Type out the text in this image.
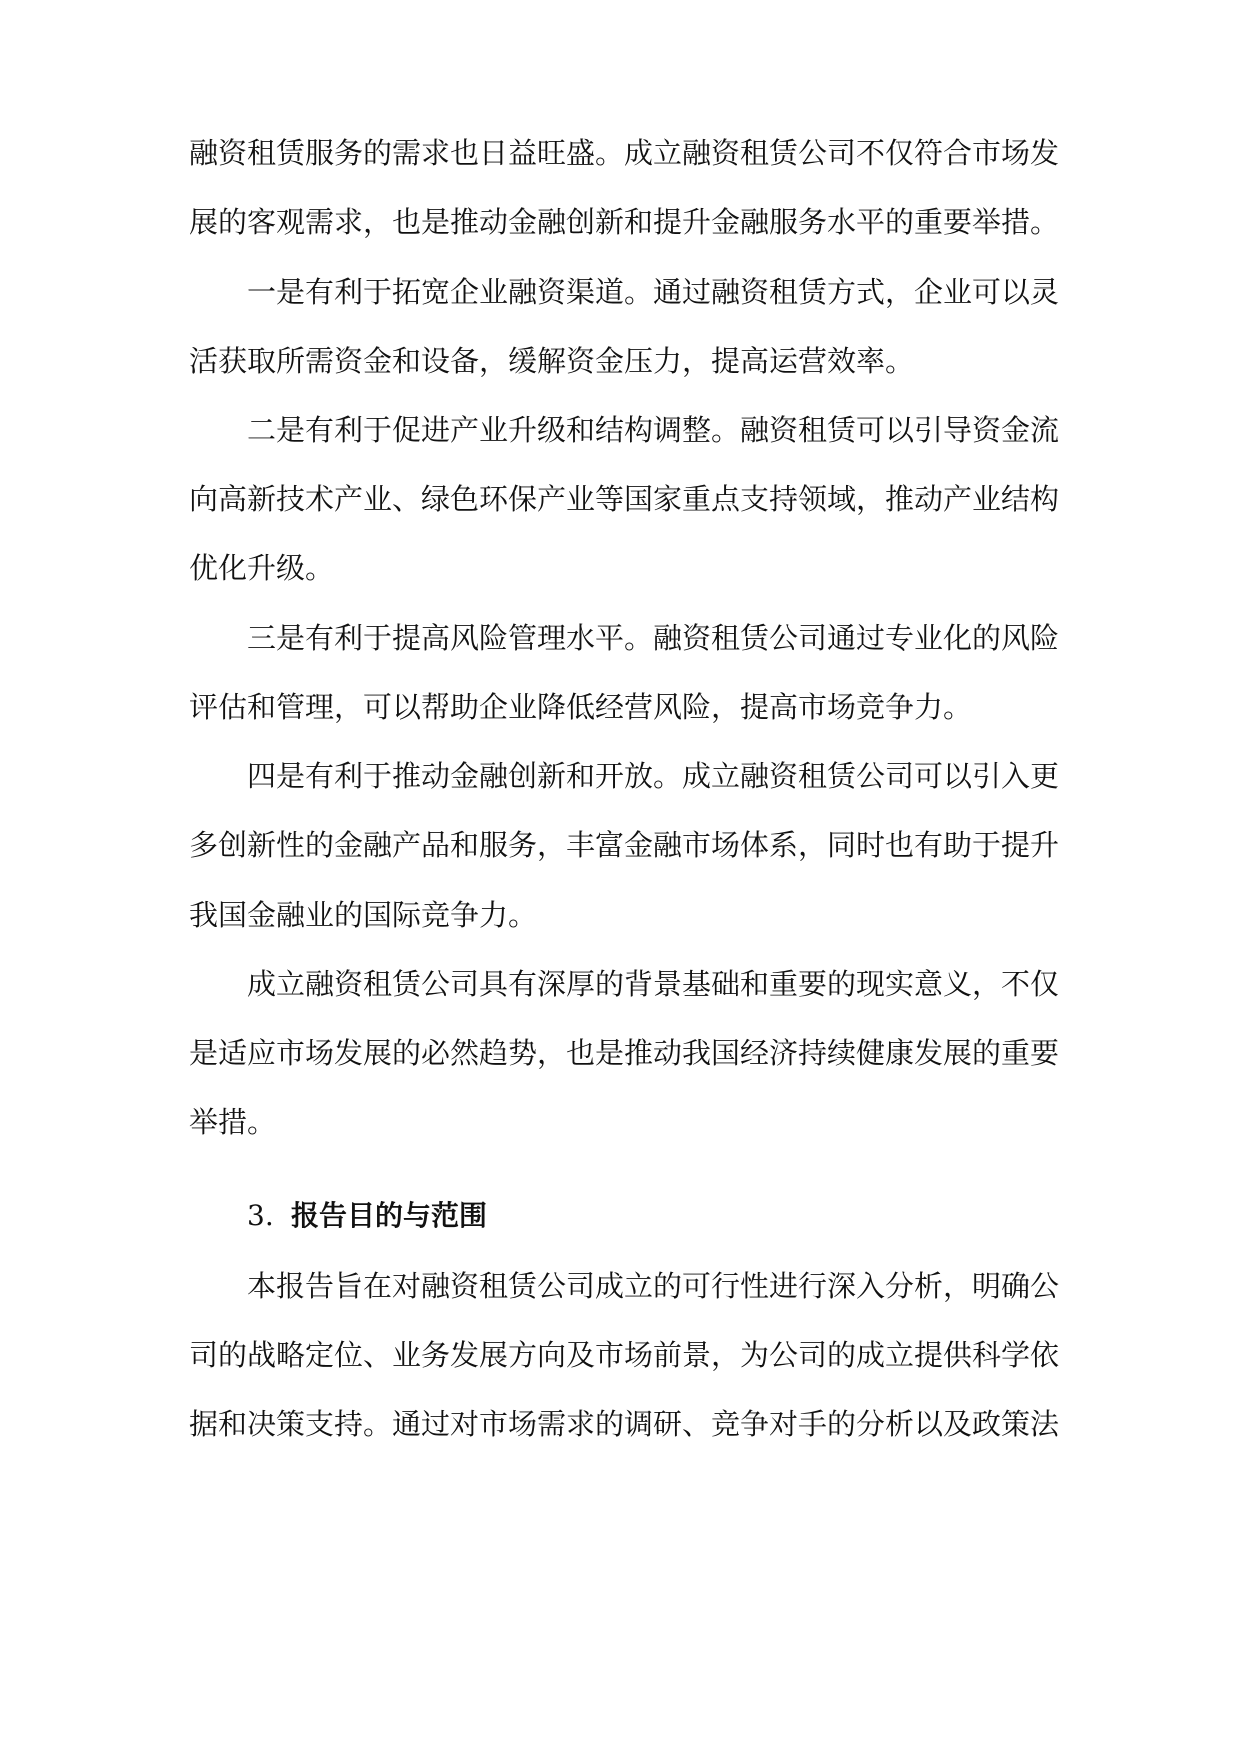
融资租赁服务的需求也日益旺盛。成立融资租赁公司不仅符合市场发
展的客观需求，也是推动金融创新和提升金融服务水平的重要举措。
一是有利于拓宽企业融资渠道。通过融资租赁方式，企业可以灵
活获取所需资金和设备，缓解资金压力，提高运营效率。
二是有利于促进产业升级和结构调整。融资租赁可以引导资金流
向高新技术产业、绿色环保产业等国家重点支持领域，推动产业结构
优化升级。
三是有利于提高风险管理水平。融资租赁公司通过专业化的风险
评估和管理，可以帮助企业降低经营风险，提高市场竞争力。
四是有利于推动金融创新和开放。成立融资租赁公司可以引入更
多创新性的金融产品和服务，丰富金融市场体系，同时也有助于提升
我国金融业的国际竞争力。
成立融资租赁公司具有深厚的背景基础和重要的现实意义，不仅
是适应市场发展的必然趋势，也是推动我国经济持续健康发展的重要
举措。
3. 报告目的与范围
本报告旨在对融资租赁公司成立的可行性进行深入分析，明确公
司的战略定位、业务发展方向及市场前景，为公司的成立提供科学依
据和决策支持。通过对市场需求的调研、竞争对手的分析以及政策法
